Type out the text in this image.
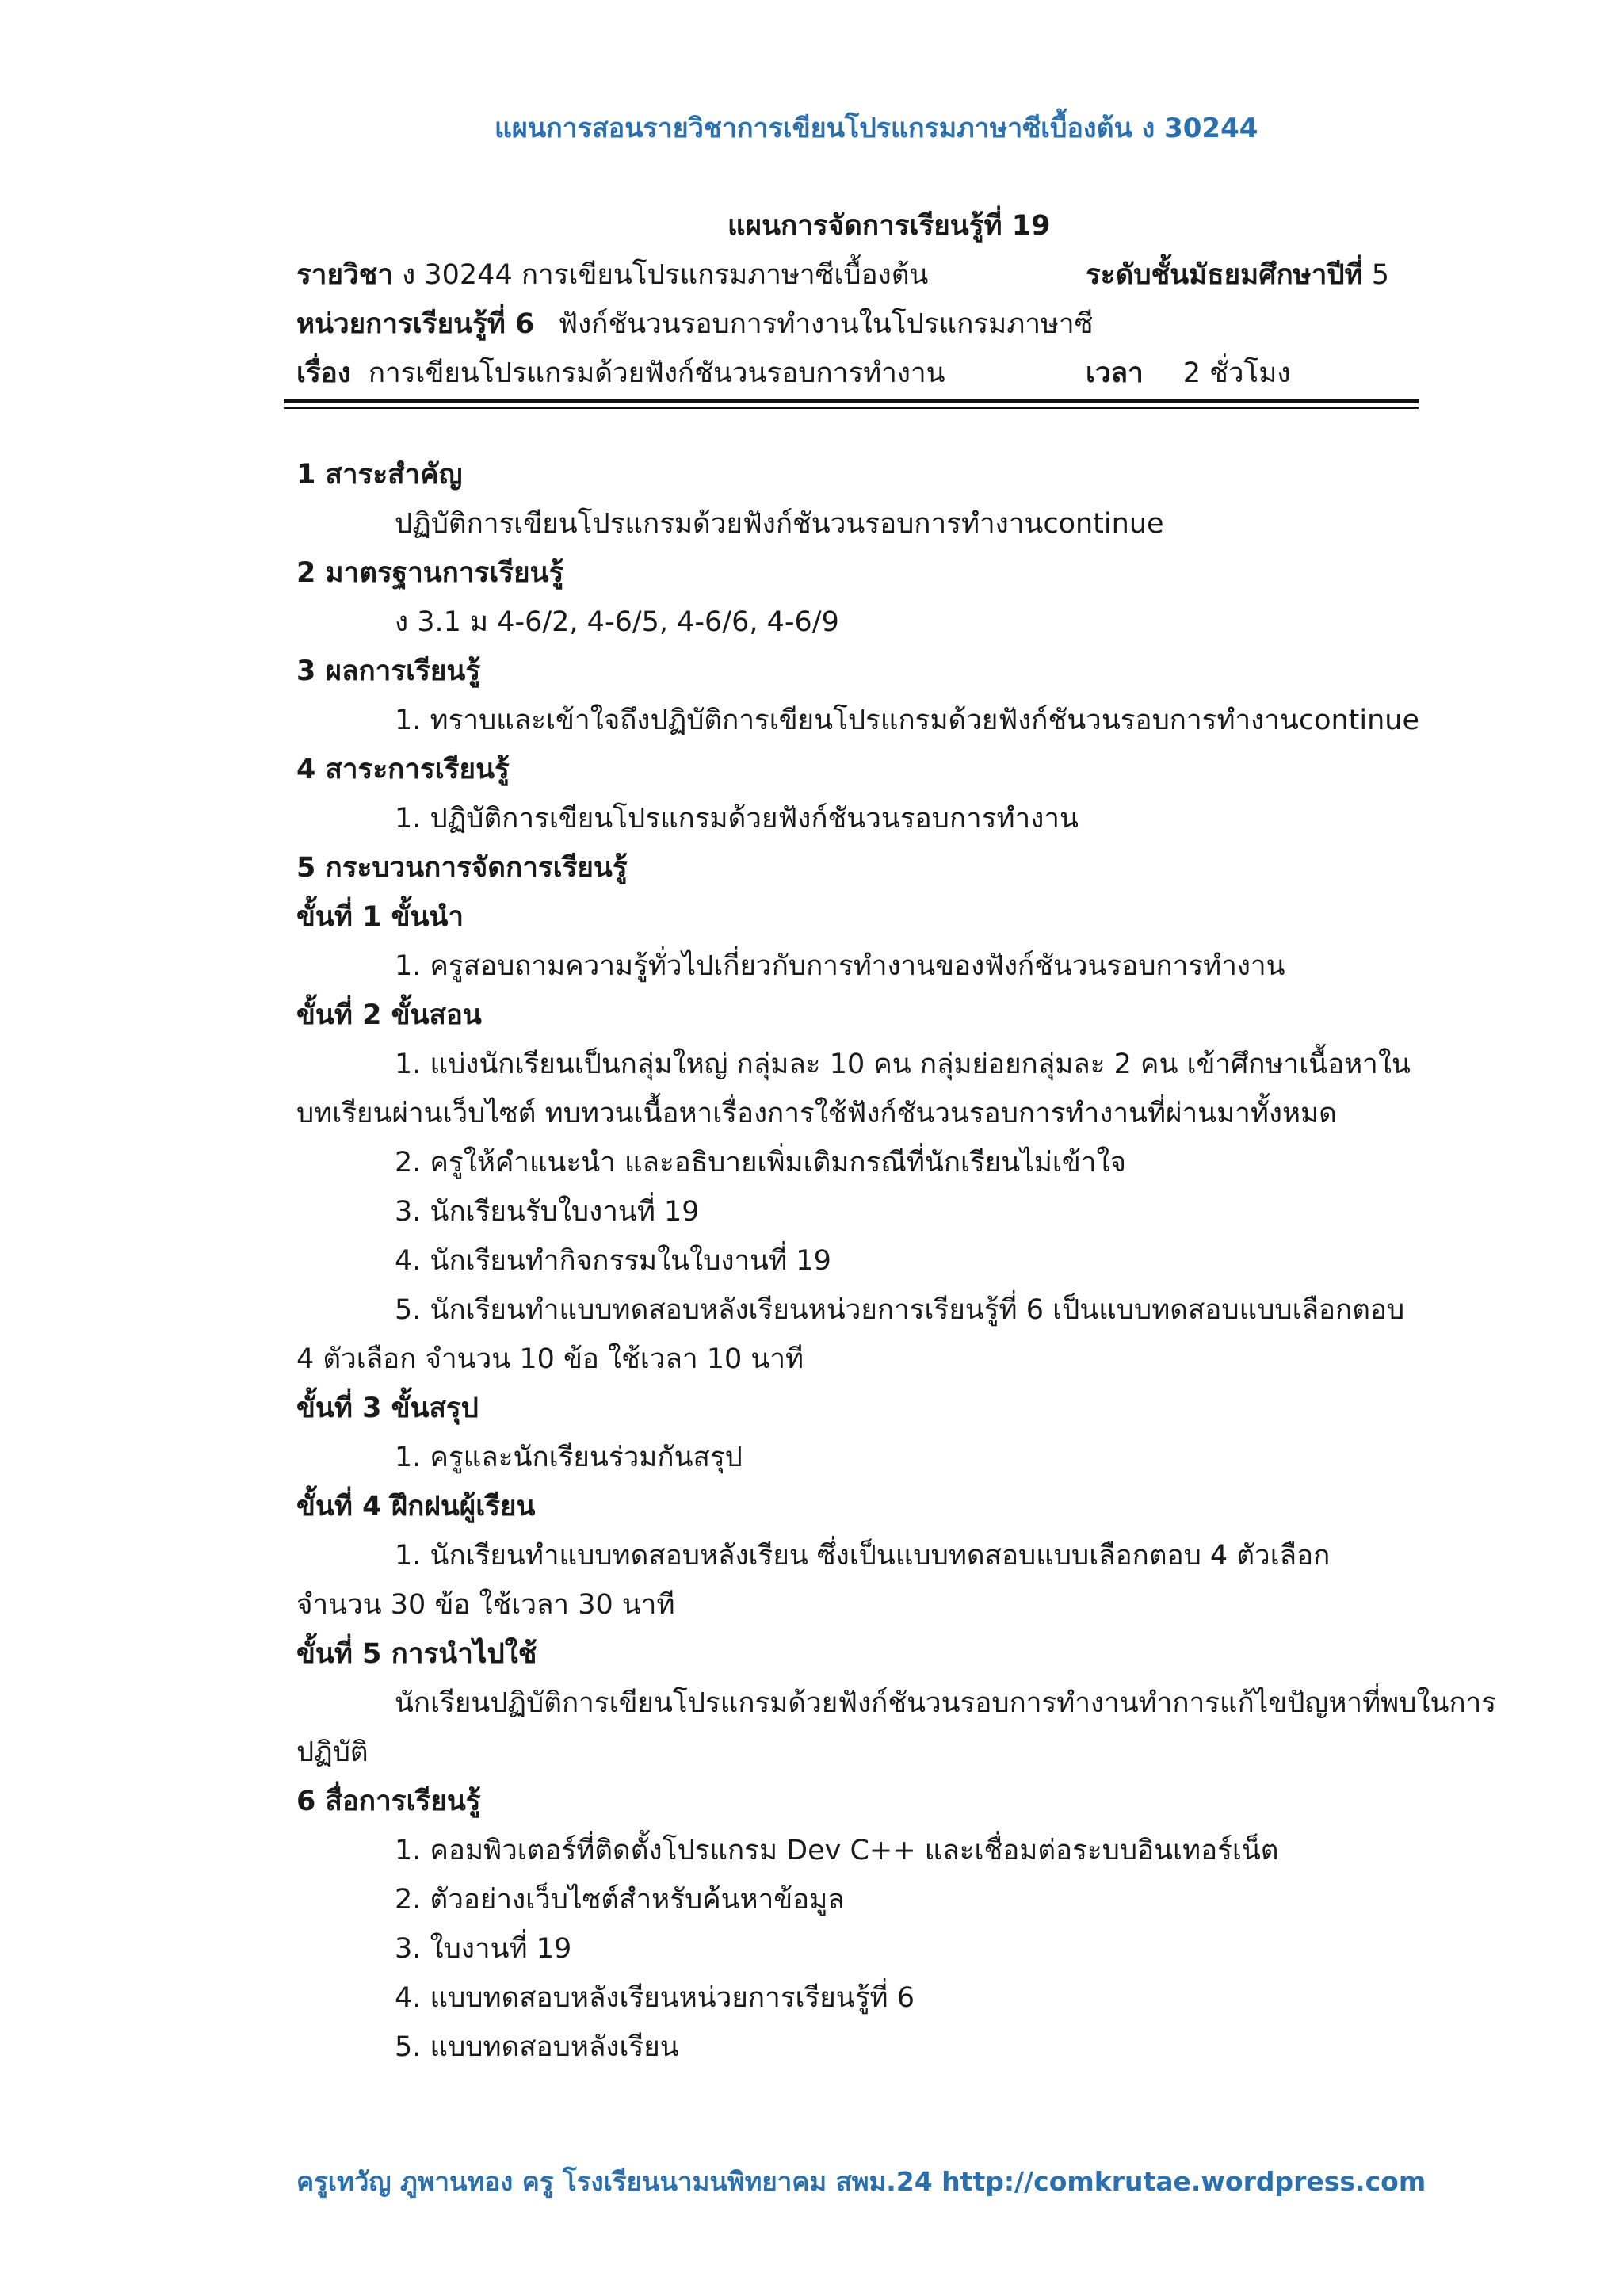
แผนการสอนรายวิชาการเขียนโปรแกรมภาษาซีเบื้องต้น ง 30244
แผนการจัดการเรียนรู้ที่ 19
รายวิชา ง 30244 การเขียนโปรแกรมภาษาซีเบื้องต้น	ระดับชั้นมัธยมศึกษาปีที่ 5
หน่วยการเรียนรู้ที่ 6 ฟังก์ชันวนรอบการทำงานในโปรแกรมภาษาซี
เรื่อง การเขียนโปรแกรมด้วยฟังก์ชันวนรอบการทำงาน	เวลา 2 ชั่วโมง
1 สาระสำคัญ
ปฏิบัติการเขียนโปรแกรมด้วยฟังก์ชันวนรอบการทำงานcontinue
2 มาตรฐานการเรียนรู้
ง 3.1 ม 4-6/2, 4-6/5, 4-6/6, 4-6/9
3 ผลการเรียนรู้
1. ทราบและเข้าใจถึงปฏิบัติการเขียนโปรแกรมด้วยฟังก์ชันวนรอบการทำงานcontinue
4 สาระการเรียนรู้
1. ปฏิบัติการเขียนโปรแกรมด้วยฟังก์ชันวนรอบการทำงาน
5 กระบวนการจัดการเรียนรู้
ขั้นที่ 1 ขั้นนำ
1. ครูสอบถามความรู้ทั่วไปเกี่ยวกับการทำงานของฟังก์ชันวนรอบการทำงาน
ขั้นที่ 2 ขั้นสอน
1. แบ่งนักเรียนเป็นกลุ่มใหญ่ กลุ่มละ 10 คน กลุ่มย่อยกลุ่มละ 2 คน เข้าศึกษาเนื้อหาใน
บทเรียนผ่านเว็บไซต์ ทบทวนเนื้อหาเรื่องการใช้ฟังก์ชันวนรอบการทำงานที่ผ่านมาทั้งหมด
2. ครูให้คำแนะนำ และอธิบายเพิ่มเติมกรณีที่นักเรียนไม่เข้าใจ
3. นักเรียนรับใบงานที่ 19
4. นักเรียนทำกิจกรรมในใบงานที่ 19
5. นักเรียนทำแบบทดสอบหลังเรียนหน่วยการเรียนรู้ที่ 6 เป็นแบบทดสอบแบบเลือกตอบ
4 ตัวเลือก จำนวน 10 ข้อ ใช้เวลา 10 นาที
ขั้นที่ 3 ขั้นสรุป
1. ครูและนักเรียนร่วมกันสรุป
ขั้นที่ 4 ฝึกฝนผู้เรียน
1. นักเรียนทำแบบทดสอบหลังเรียน ซึ่งเป็นแบบทดสอบแบบเลือกตอบ 4 ตัวเลือก
จำนวน 30 ข้อ ใช้เวลา 30 นาที
ขั้นที่ 5 การนำไปใช้
นักเรียนปฏิบัติการเขียนโปรแกรมด้วยฟังก์ชันวนรอบการทำงานทำการแก้ไขปัญหาที่พบในการ
ปฏิบัติ
6 สื่อการเรียนรู้
1. คอมพิวเตอร์ที่ติดตั้งโปรแกรม Dev C++ และเชื่อมต่อระบบอินเทอร์เน็ต
2. ตัวอย่างเว็บไซต์สำหรับค้นหาข้อมูล
3. ใบงานที่ 19
4. แบบทดสอบหลังเรียนหน่วยการเรียนรู้ที่ 6
5. แบบทดสอบหลังเรียน
ครูเทวัญ ภูพานทอง ครู โรงเรียนนามนพิทยาคม สพม.24 http://comkrutae.wordpress.com
